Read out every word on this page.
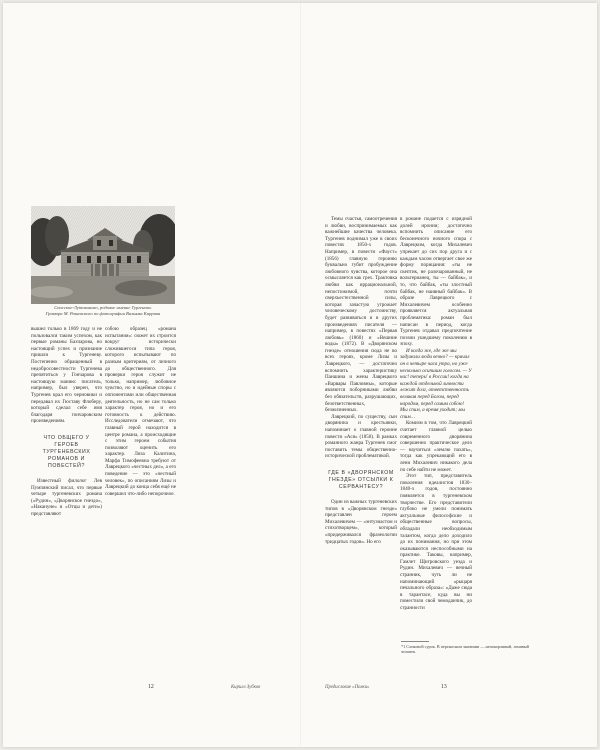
Спасское-Лутовиново, родовое имение Тургенева.
Гравюра М. Рашевского по фотографии Вильяма Каррика

вышел только в 1869 году и не пользовался таким успехом, как первые романы Бахчарова, но настоящий успех и признание пришли к Тургеневу. Постепенно обращенный в недобросовестности Тургенева препятиться у Гончарова в настоящую манию: писатель, например, был уверен, что Тургенев крал его черновики и передавал их Гюставу Флоберу, который сделал себе имя благодаря гончаровским произведениям.

ЧТО ОБЩЕГО У ГЕРОЕВ ТУРГЕНЕВСКИХ РОМАНОВ И ПОВЕСТЕЙ?

Известный филолог Лев Пумпянский писал, что первые четыре тургеневских романа («Рудин», «Дворянское гнездо», «Накануне» и «Отцы и дети») представляют

собою образец «романа испытания»: сюжет их строится вокруг исторически сложившегося типа героя, которого испытывают по разным критериям, от личного до общественного. Для проверки героя служит не только, например, любовное чувство, но и идейные споры с оппонентами или общественная деятельность, но не сам только характер героя, но и его готовность к действию. Исследователи отмечают, что главный герой находится в центре романа, а происходящие с этим героем события позволяют оценить его характер. Лиза Калитина, Марфа Тимофеевна требуют от Лаврецкого «честных дел», а его поведение — это «честный человек», по описаниям Лизы и Лаврецкий до конца себя ещё не совершил что-либо непорочное.

12	Кирилл Зубков

Темы счастья, самоотречения и любви, воспринимаемых как важнейшие качества человека. Тургенев поднимал уже в своих повестях 1850-х годов. Например, в повести «Фауст» (1856) главную героиню буквально губит пробуждение любовного чувства, которое она осмысляется как грех. Трактовка любви как иррациональной, непостижимой, почти сверхъестественной силы, которая зачастую угрожает человеческому достоинству, будет развиваться и в других произведениях писателя — например, в повестях «Первая любовь» (1860) и «Вешние воды» (1872). В «Дворянском гнезде» отношения сюда не во всех героях, кроме Лизы и Лаврецкого, — достаточно вспомнить характеристику Паншина и жены Лаврецкого «Варвары Павловны», которые являются поборниками любви без обязательств, разрушающих, безответственных, безжизненных.

Лаврецкий, по существу, сын дворянина и крестьянки, напоминает о главной героине повести «Ася» (1858). В рамках романного жанра Тургенев смог поставить темы общественно-исторической проблематикой.

ГДЕ В «ДВОРЯНСКОМ ГНЕЗДЕ» ОТСЫЛКИ К СЕРВАНТЕСУ?

Один из важных тургеневских типов в «Дворянском гнезде» представлен героем Михалевичем — «энтузиастом и стихотворцем», который «придерживался фразеологии тридцатых годов». Но его

в романе подается с изрядной долей иронии; достаточно вспомнить описание его бесконечного ночного спора с Лаврецким, когда Михалевич упрекает до сих пор друга и с каждым часом отвергает свое же форму порицания: «ты не скептик, не разочарованный, не вольтерианец, ты — байбак», и то, что байбак, «ты злостный байбак, не наивный байбак». В образе Лаврецкого с Михалевичем особенно проявляется актуальная проблематика: роман был написан в период, когда Тургенев отдавал предпочтение поэзии ушедшему поколению в эпоху.

И когда же, где же мы задумали люди вечно? — кричал он в четыре часа утра, но уже несколько осипшим голосом. — У нас! теперь! в России! когда на каждой отдельной личности лежит долг, ответственность великая перед Богом, перед народом, перед самим собою! Мы спим, а время уходит; мы спим…

Комизм в том, что Лаврецкий считает главной целью современного дворянина совершенно практическое дело — научиться «землю пахать», тогда как упрекающий его в лени Михалевич никакого дела по себе найти не может.

Этот тип, представитель поколения идеалистов 1830–1840-х годов, постоянно появляется в тургеневском творчестве. Его представители глубоко не умели понимать актуальные философские и общественные вопросы, обладали необходимым талантом, когда дело доходило до их понимания, но при этом оказываются неспособными на практике. Таковы, например, Гамлет Щигровского уезда и Рудин. Михалевич — вечный странник, чуть ли не напоминающий «рыцаря печального образа»: «Даже сюда в тарантасе, куда вы ни поместили свой чемоданчик, до странности

*1 Сленовой сурок. В переносном значении — непокорливый, ленивый человек.
Предисловие «Полки»	13
